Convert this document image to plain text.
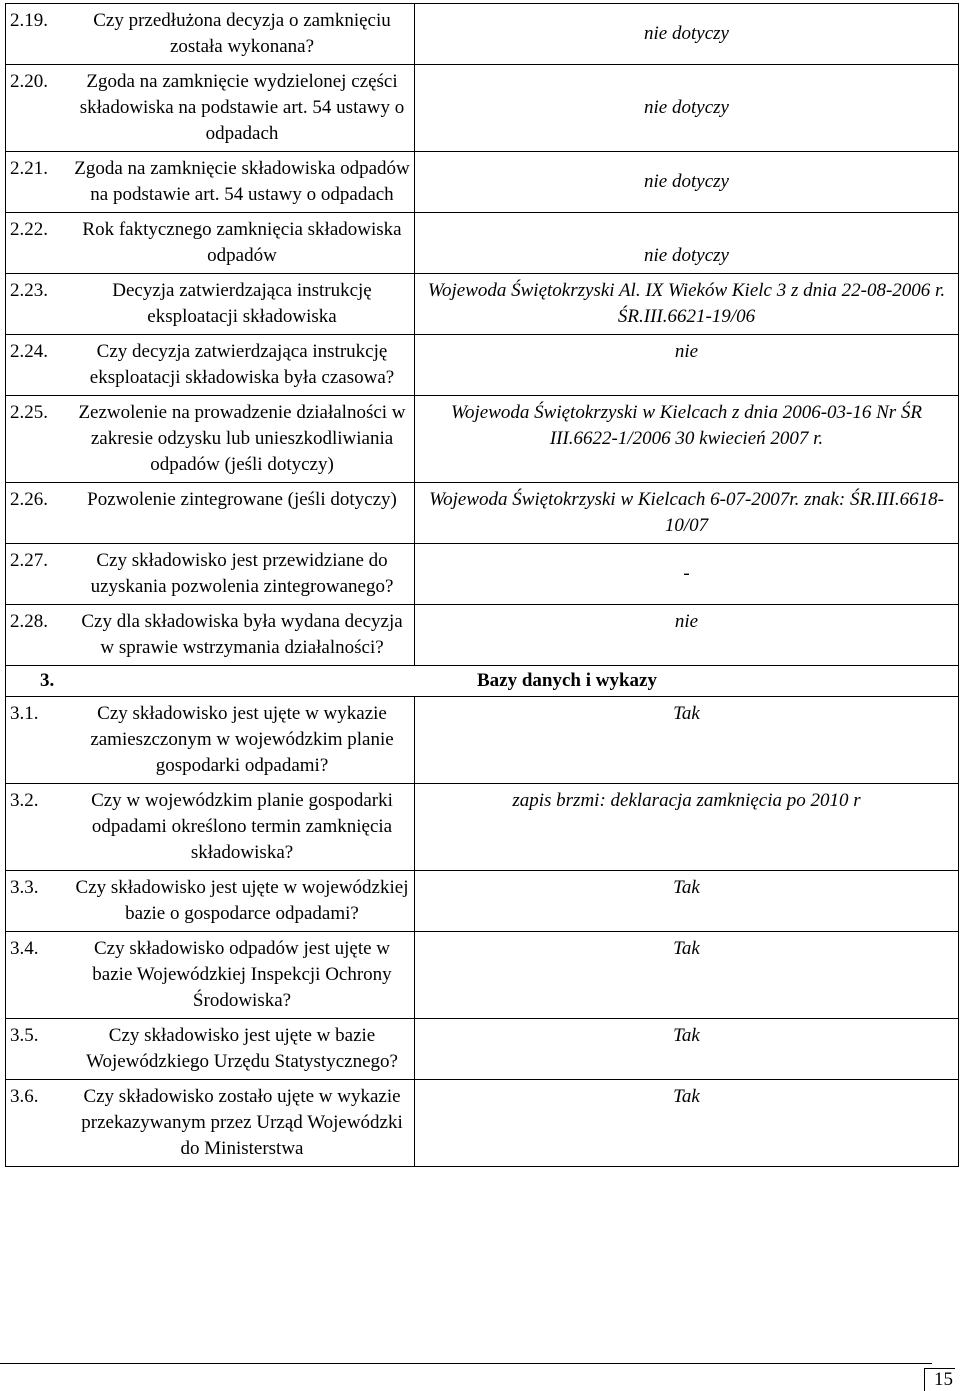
2.19. Czy przedłużona decyzja o zamknięciu została wykonana?	nie dotyczy

2.20. Zgoda na zamknięcie wydzielonej części składowiska na podstawie art. 54 ustawy o odpadach	nie dotyczy

2.21. Zgoda na zamknięcie składowiska odpadów na podstawie art. 54 ustawy o odpadach	nie dotyczy

2.22. Rok faktycznego zamknięcia składowiska odpadów	nie dotyczy

2.23. Decyzja zatwierdzająca instrukcję eksploatacji składowiska	Wojewoda Świętokrzyski Al. IX Wieków Kielc 3 z dnia 22-08-2006 r. ŚR.III.6621-19/06

2.24. Czy decyzja zatwierdzająca instrukcję eksploatacji składowiska była czasowa?	nie

2.25. Zezwolenie na prowadzenie działalności w zakresie odzysku lub unieszkodliwiania odpadów (jeśli dotyczy)	Wojewoda Świętokrzyski w Kielcach z dnia 2006-03-16 Nr ŚR III.6622-1/2006 30 kwiecień 2007 r.

2.26. Pozwolenie zintegrowane (jeśli dotyczy)	Wojewoda Świętokrzyski w Kielcach 6-07-2007r. znak: ŚR.III.6618-10/07

2.27. Czy składowisko jest przewidziane do uzyskania pozwolenia zintegrowanego?	-

2.28. Czy dla składowiska była wydana decyzja w sprawie wstrzymania działalności?	nie

3. Bazy danych i wykazy	

3.1. Czy składowisko jest ujęte w wykazie zamieszczonym w wojewódzkim planie gospodarki odpadami?	Tak

3.2. Czy w wojewódzkim planie gospodarki odpadami określono termin zamknięcia składowiska?	zapis brzmi: deklaracja zamknięcia po 2010 r

3.3. Czy składowisko jest ujęte w wojewódzkiej bazie o gospodarce odpadami?	Tak

3.4. Czy składowisko odpadów jest ujęte w bazie Wojewódzkiej Inspekcji Ochrony Środowiska?	Tak

3.5. Czy składowisko jest ujęte w bazie Wojewódzkiego Urzędu Statystycznego?	Tak

3.6. Czy składowisko zostało ujęte w wykazie przekazywanym przez Urząd Wojewódzki do Ministerstwa	Tak
15
